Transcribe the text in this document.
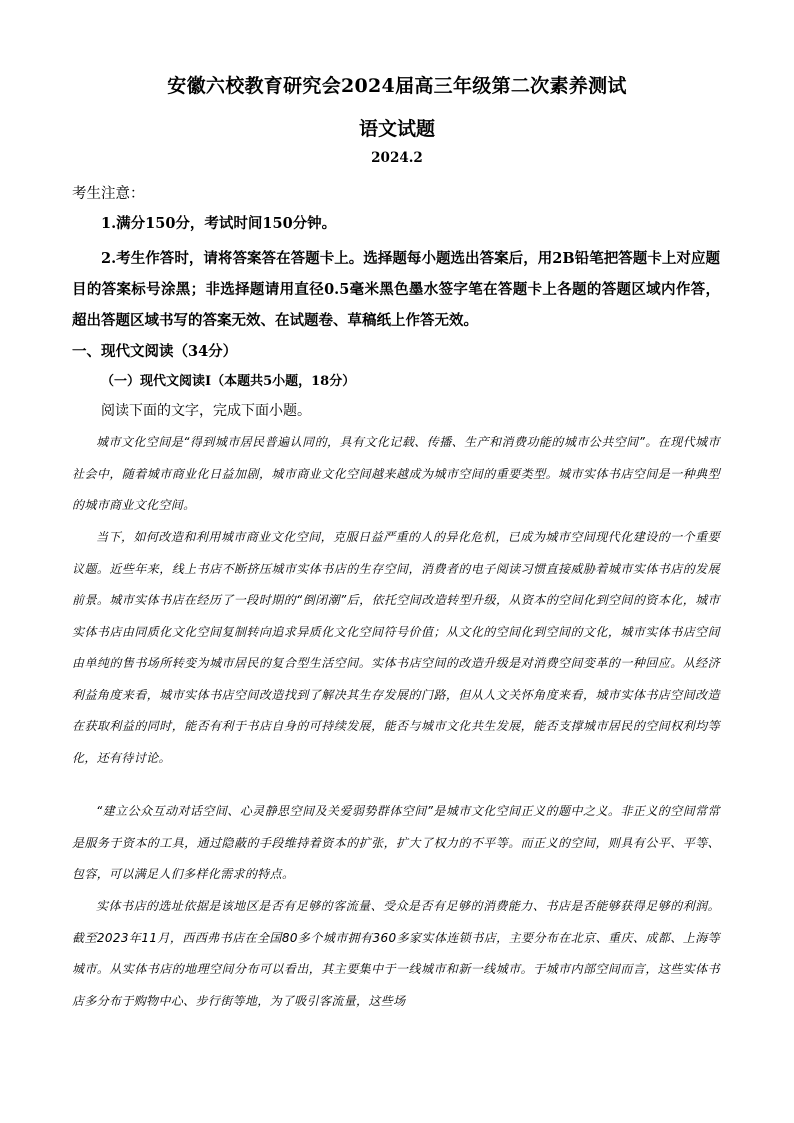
安徽六校教育研究会2024届高三年级第二次素养测试
语文试题
2024.2
考生注意：
1.满分150分，考试时间150分钟。
2.考生作答时，请将答案答在答题卡上。选择题每小题选出答案后，用2B铅笔把答题卡上对应题目的答案标号涂黑；非选择题请用直径0.5毫米黑色墨水签字笔在答题卡上各题的答题区域内作答，超出答题区域书写的答案无效、在试题卷、草稿纸上作答无效。
一、现代文阅读（34分）
（一）现代文阅读Ⅰ（本题共5小题，18分）
阅读下面的文字，完成下面小题。
城市文化空间是“得到城市居民普遍认同的，具有文化记载、传播、生产和消费功能的城市公共空间”。在现代城市社会中，随着城市商业化日益加剧，城市商业文化空间越来越成为城市空间的重要类型。城市实体书店空间是一种典型的城市商业文化空间。
当下，如何改造和利用城市商业文化空间，克服日益严重的人的异化危机，已成为城市空间现代化建设的一个重要议题。近些年来，线上书店不断挤压城市实体书店的生存空间，消费者的电子阅读习惯直接威胁着城市实体书店的发展前景。城市实体书店在经历了一段时期的“倒闭潮”后，依托空间改造转型升级，从资本的空间化到空间的资本化，城市实体书店由同质化文化空间复制转向追求异质化文化空间符号价值；从文化的空间化到空间的文化，城市实体书店空间由单纯的售书场所转变为城市居民的复合型生活空间。实体书店空间的改造升级是对消费空间变革的一种回应。从经济利益角度来看，城市实体书店空间改造找到了解决其生存发展的门路，但从人文关怀角度来看，城市实体书店空间改造在获取利益的同时，能否有利于书店自身的可持续发展，能否与城市文化共生发展，能否支撑城市居民的空间权利均等化，还有待讨论。
“建立公众互动对话空间、心灵静思空间及关爱弱势群体空间”是城市文化空间正义的题中之义。非正义的空间常常是服务于资本的工具，通过隐蔽的手段维持着资本的扩张，扩大了权力的不平等。而正义的空间，则具有公平、平等、包容，可以满足人们多样化需求的特点。
实体书店的选址依据是该地区是否有足够的客流量、受众是否有足够的消费能力、书店是否能够获得足够的利润。截至2023年11月，西西弗书店在全国80多个城市拥有360多家实体连锁书店，主要分布在北京、重庆、成都、上海等城市。从实体书店的地理空间分布可以看出，其主要集中于一线城市和新一线城市。于城市内部空间而言，这些实体书店多分布于购物中心、步行街等地，为了吸引客流量，这些场
